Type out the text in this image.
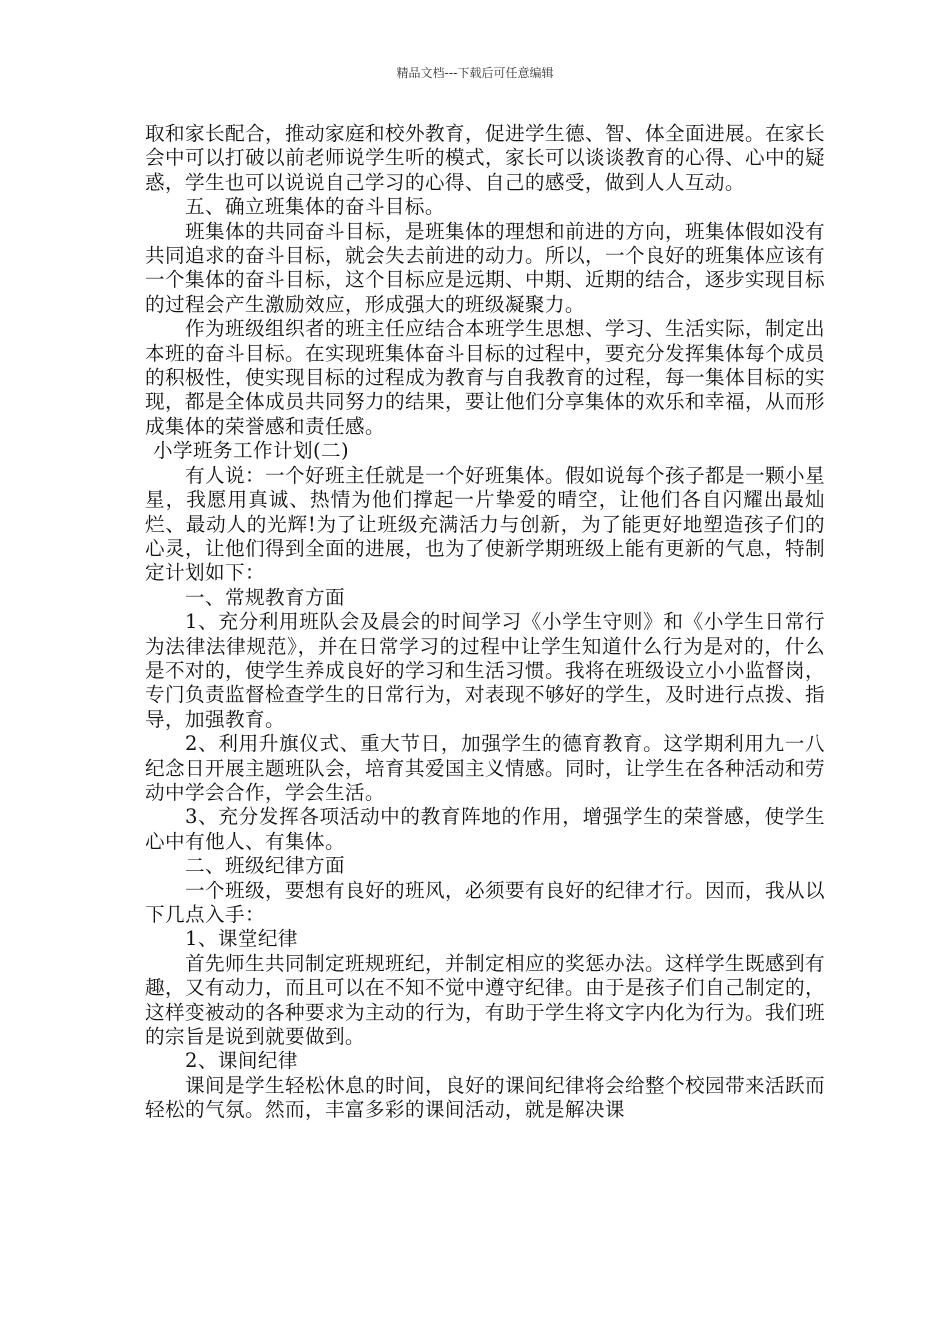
精品文档---下载后可任意编辑

取和家长配合，推动家庭和校外教育，促进学生德、智、体全面进展。在家长会中可以打破以前老师说学生听的模式，家长可以谈谈教育的心得、心中的疑惑，学生也可以说说自己学习的心得、自己的感受，做到人人互动。

五、确立班集体的奋斗目标。

班集体的共同奋斗目标，是班集体的理想和前进的方向，班集体假如没有共同追求的奋斗目标，就会失去前进的动力。所以，一个良好的班集体应该有一个集体的奋斗目标，这个目标应是远期、中期、近期的结合，逐步实现目标的过程会产生激励效应，形成强大的班级凝聚力。

作为班级组织者的班主任应结合本班学生思想、学习、生活实际，制定出本班的奋斗目标。在实现班集体奋斗目标的过程中，要充分发挥集体每个成员的积极性，使实现目标的过程成为教育与自我教育的过程，每一集体目标的实现，都是全体成员共同努力的结果，要让他们分享集体的欢乐和幸福，从而形成集体的荣誉感和责任感。

小学班务工作计划(二)

有人说：一个好班主任就是一个好班集体。假如说每个孩子都是一颗小星星，我愿用真诚、热情为他们撑起一片挚爱的晴空，让他们各自闪耀出最灿烂、最动人的光辉!为了让班级充满活力与创新，为了能更好地塑造孩子们的心灵，让他们得到全面的进展，也为了使新学期班级上能有更新的气息，特制定计划如下：

一、常规教育方面

1、充分利用班队会及晨会的时间学习《小学生守则》和《小学生日常行为法律法律规范》，并在日常学习的过程中让学生知道什么行为是对的，什么是不对的，使学生养成良好的学习和生活习惯。我将在班级设立小小监督岗，专门负责监督检查学生的日常行为，对表现不够好的学生，及时进行点拨、指导，加强教育。

2、利用升旗仪式、重大节日，加强学生的德育教育。这学期利用九一八纪念日开展主题班队会，培育其爱国主义情感。同时，让学生在各种活动和劳动中学会合作，学会生活。

3、充分发挥各项活动中的教育阵地的作用，增强学生的荣誉感，使学生心中有他人、有集体。

二、班级纪律方面

一个班级，要想有良好的班风，必须要有良好的纪律才行。因而，我从以下几点入手：

1、课堂纪律

首先师生共同制定班规班纪，并制定相应的奖惩办法。这样学生既感到有趣，又有动力，而且可以在不知不觉中遵守纪律。由于是孩子们自己制定的，这样变被动的各种要求为主动的行为，有助于学生将文字内化为行为。我们班的宗旨是说到就要做到。

2、课间纪律

课间是学生轻松休息的时间，良好的课间纪律将会给整个校园带来活跃而轻松的气氛。然而，丰富多彩的课间活动，就是解决课
